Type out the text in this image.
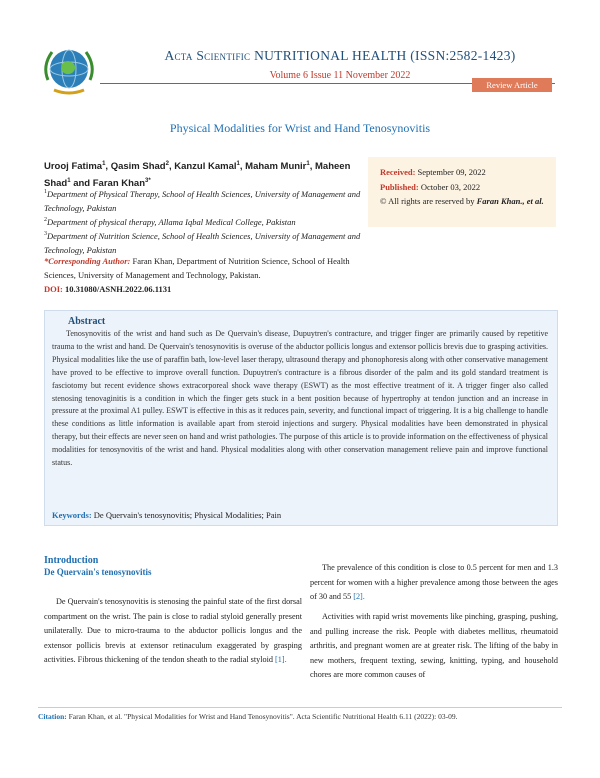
Acta Scientific NUTRITIONAL HEALTH (ISSN:2582-1423)
Volume 6 Issue 11 November 2022
Review Article
Physical Modalities for Wrist and Hand Tenosynovitis
Urooj Fatima$^1$, Qasim Shad$^2$, Kanzul Kamal$^1$, Maham Munir$^1$, Maheen Shad$^1$ and Faran Khan$^{3*}$
$^1$Department of Physical Therapy, School of Health Sciences, University of Management and Technology, Pakistan
$^2$Department of physical therapy, Allama Iqbal Medical College, Pakistan
$^3$Department of Nutrition Science, School of Health Sciences, University of Management and Technology, Pakistan
*Corresponding Author: Faran Khan, Department of Nutrition Science, School of Health Sciences, University of Management and Technology, Pakistan.
DOI: 10.31080/ASNH.2022.06.1131
Received: September 09, 2022
Published: October 03, 2022
© All rights are reserved by Faran Khan., et al.
Abstract
Tenosynovitis of the wrist and hand such as De Quervain's disease, Dupuytren's contracture, and trigger finger are primarily caused by repetitive trauma to the wrist and hand. De Quervain's tenosynovitis is overuse of the abductor pollicis longus and extensor pollicis brevis due to grasping activities. Physical modalities like the use of paraffin bath, low-level laser therapy, ultrasound therapy and phonophoresis along with other conservative management have proved to be effective to improve overall function. Dupuytren's contracture is a fibrous disorder of the palm and its gold standard treatment is fasciotomy but recent evidence shows extracorporeal shock wave therapy (ESWT) as the most effective treatment of it. A trigger finger also called stenosing tenovaginitis is a condition in which the finger gets stuck in a bent position because of hypertrophy at tendon junction and an increase in pressure at the proximal A1 pulley. ESWT is effective in this as it reduces pain, severity, and functional impact of triggering. It is a big challenge to handle these conditions as little information is available apart from steroid injections and surgery. Physical modalities have been demonstrated in physical therapy, but their effects are never seen on hand and wrist pathologies. The purpose of this article is to provide information on the effectiveness of physical modalities for tenosynovitis of the wrist and hand. Physical modalities along with other conservation management relieve pain and improve functional status.
Keywords: De Quervain's tenosynovitis; Physical Modalities; Pain
Introduction
De Quervain's tenosynovitis
De Quervain's tenosynovitis is stenosing the painful state of the first dorsal compartment on the wrist. The pain is close to radial styloid generally present unilaterally. Due to micro-trauma to the abductor pollicis longus and the extensor pollicis brevis at extensor retinaculum exaggerated by grasping activities. Fibrous thickening of the tendon sheath to the radial styloid [1].
The prevalence of this condition is close to 0.5 percent for men and 1.3 percent for women with a higher prevalence among those between the ages of 30 and 55 [2].
Activities with rapid wrist movements like pinching, grasping, pushing, and pulling increase the risk. People with diabetes mellitus, rheumatoid arthritis, and pregnant women are at greater risk. The lifting of the baby in new mothers, frequent texting, sewing, knitting, typing, and household chores are more common causes of
Citation: Faran Khan, et al. "Physical Modalities for Wrist and Hand Tenosynovitis". Acta Scientific Nutritional Health 6.11 (2022): 03-09.
